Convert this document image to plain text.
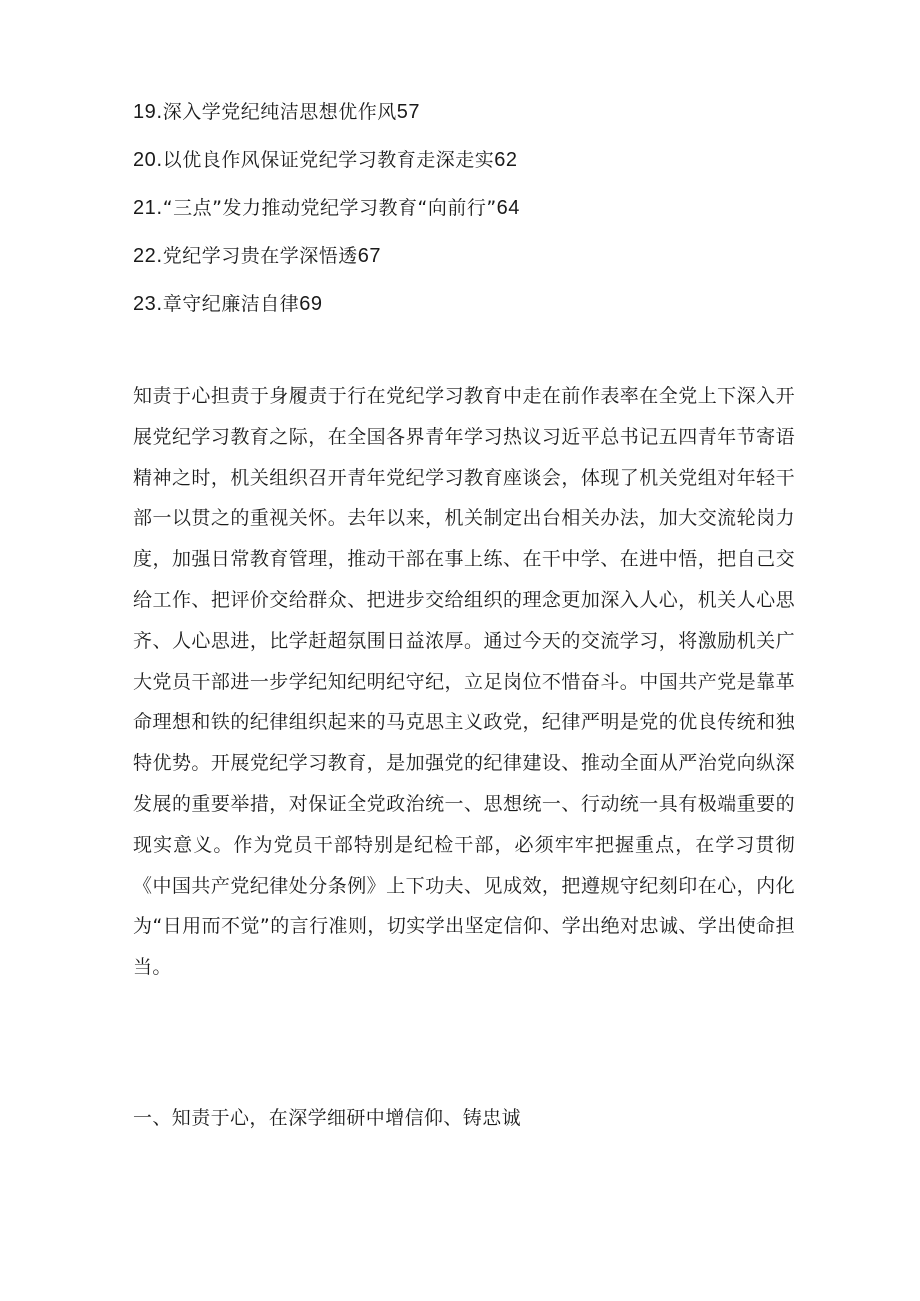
19.深入学党纪纯洁思想优作风57
20.以优良作风保证党纪学习教育走深走实62
21.“三点”发力推动党纪学习教育“向前行”64
22.党纪学习贵在学深悟透67
23.章守纪廉洁自律69

知责于心担责于身履责于行在党纪学习教育中走在前作表率在全党上下深入开展党纪学习教育之际，在全国各界青年学习热议习近平总书记五四青年节寄语精神之时，机关组织召开青年党纪学习教育座谈会，体现了机关党组对年轻干部一以贯之的重视关怀。去年以来，机关制定出台相关办法，加大交流轮岗力度，加强日常教育管理，推动干部在事上练、在干中学、在进中悟，把自己交给工作、把评价交给群众、把进步交给组织的理念更加深入人心，机关人心思齐、人心思进，比学赶超氛围日益浓厚。通过今天的交流学习，将激励机关广大党员干部进一步学纪知纪明纪守纪，立足岗位不惜奋斗。中国共产党是靠革命理想和铁的纪律组织起来的马克思主义政党，纪律严明是党的优良传统和独特优势。开展党纪学习教育，是加强党的纪律建设、推动全面从严治党向纵深发展的重要举措，对保证全党政治统一、思想统一、行动统一具有极端重要的现实意义。作为党员干部特别是纪检干部，必须牢牢把握重点，在学习贯彻《中国共产党纪律处分条例》上下功夫、见成效，把遵规守纪刻印在心，内化为“日用而不觉”的言行准则，切实学出坚定信仰、学出绝对忠诚、学出使命担当。

一、知责于心，在深学细研中增信仰、铸忠诚
